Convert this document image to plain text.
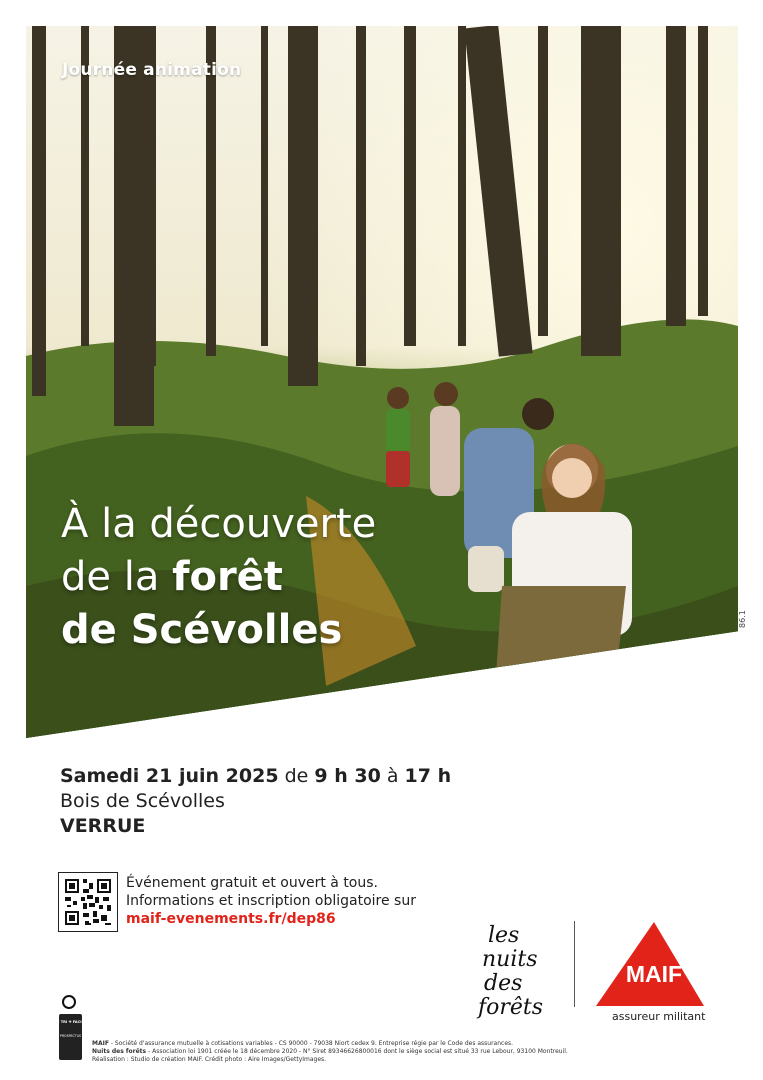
Journée animation
À la découverte
de la forêt
de Scévolles	86.1
Samedi 21 juin 2025 de 9 h 30 à 17 h
Bois de Scévolles
VERRUE
Événement gratuit et ouvert à tous.
Informations et inscription obligatoire sur
maif-evenements.fr/dep86
les
nuits
des
forêts
MAIF
assureur militant
LE TRI ✚ FACILE
PROSPECTUS
MAIF - Société d'assurance mutuelle à cotisations variables - CS 90000 - 79038 Niort cedex 9. Entreprise régie par le Code des assurances.
Nuits des forêts - Association loi 1901 créée le 18 décembre 2020 - N° Siret 89346626800016 dont le siège social est situé 33 rue Lebour, 93100 Montreuil.
Réalisation : Studio de création MAIF. Crédit photo : Aire Images/GettyImages.
